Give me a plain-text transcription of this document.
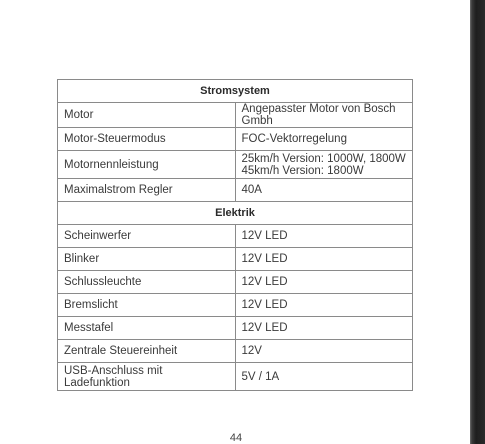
Stromsystem	
Motor	Angepasster Motor von Bosch Gmbh
Motor-Steuermodus	FOC-Vektorregelung
Motornennleistung	25km/h Version: 1000W, 1800W
45km/h Version: 1800W

Maximalstrom Regler	40A
Elektrik	
Scheinwerfer	12V LED
Blinker	12V LED
Schlussleuchte	12V LED
Bremslicht	12V LED
Messtafel	12V LED
Zentrale Steuereinheit	12V

USB-Anschluss mit
Ladefunktion	5V / 1A
44
